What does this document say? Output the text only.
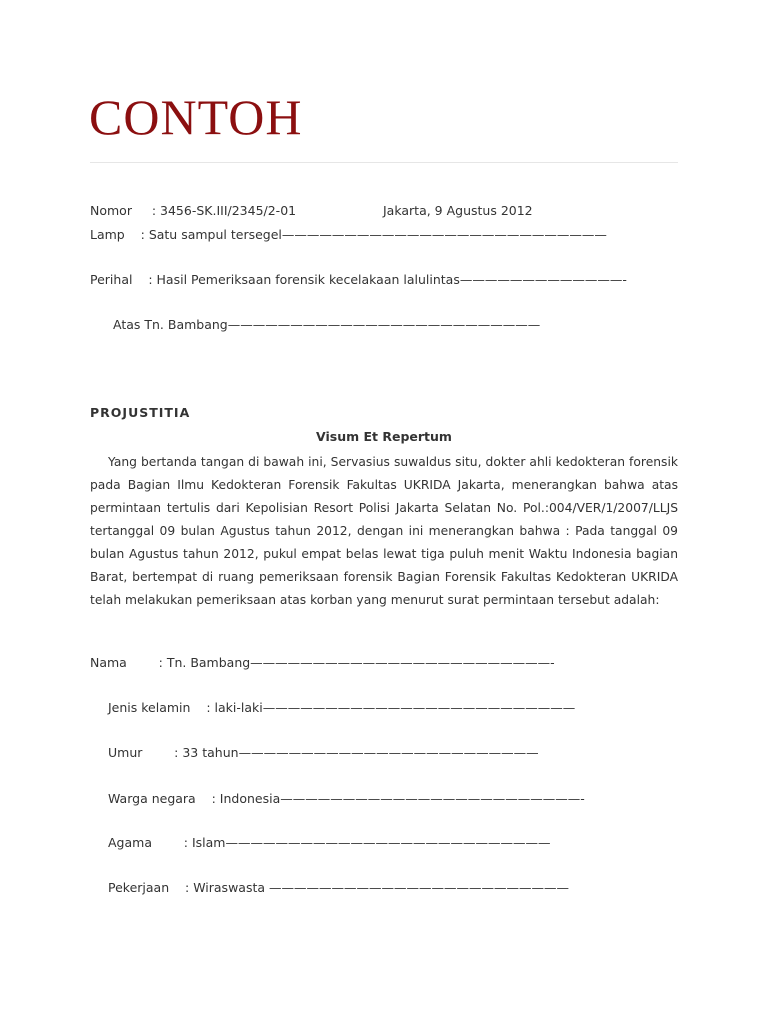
CONTOH
Nomor     : 3456-SK.III/2345/2-01	Jakarta, 9 Agustus 2012
Lamp    : Satu sampul tersegel——————————————————————————
Perihal    : Hasil Pemeriksaan forensik kecelakaan lalulintas—————————————-
Atas Tn. Bambang—————————————————————————
PROJUSTITIA
Visum Et Repertum
Yang bertanda tangan di bawah ini, Servasius suwaldus situ, dokter ahli kedokteran forensik pada Bagian Ilmu Kedokteran Forensik Fakultas UKRIDA Jakarta, menerangkan bahwa atas permintaan tertulis dari Kepolisian Resort Polisi Jakarta Selatan No. Pol.:004/VER/1/2007/LLJS tertanggal 09 bulan Agustus tahun 2012, dengan ini menerangkan bahwa : Pada tanggal 09 bulan Agustus tahun 2012, pukul empat belas lewat tiga puluh menit Waktu Indonesia bagian Barat, bertempat di ruang pemeriksaan forensik Bagian Forensik Fakultas Kedokteran UKRIDA telah melakukan pemeriksaan atas korban yang menurut surat permintaan tersebut adalah:
Nama        : Tn. Bambang————————————————————————-
Jenis kelamin    : laki-laki—————————————————————————
Umur        : 33 tahun————————————————————————
Warga negara    : Indonesia————————————————————————-
Agama        : Islam——————————————————————————
Pekerjaan    : Wiraswasta ————————————————————————
